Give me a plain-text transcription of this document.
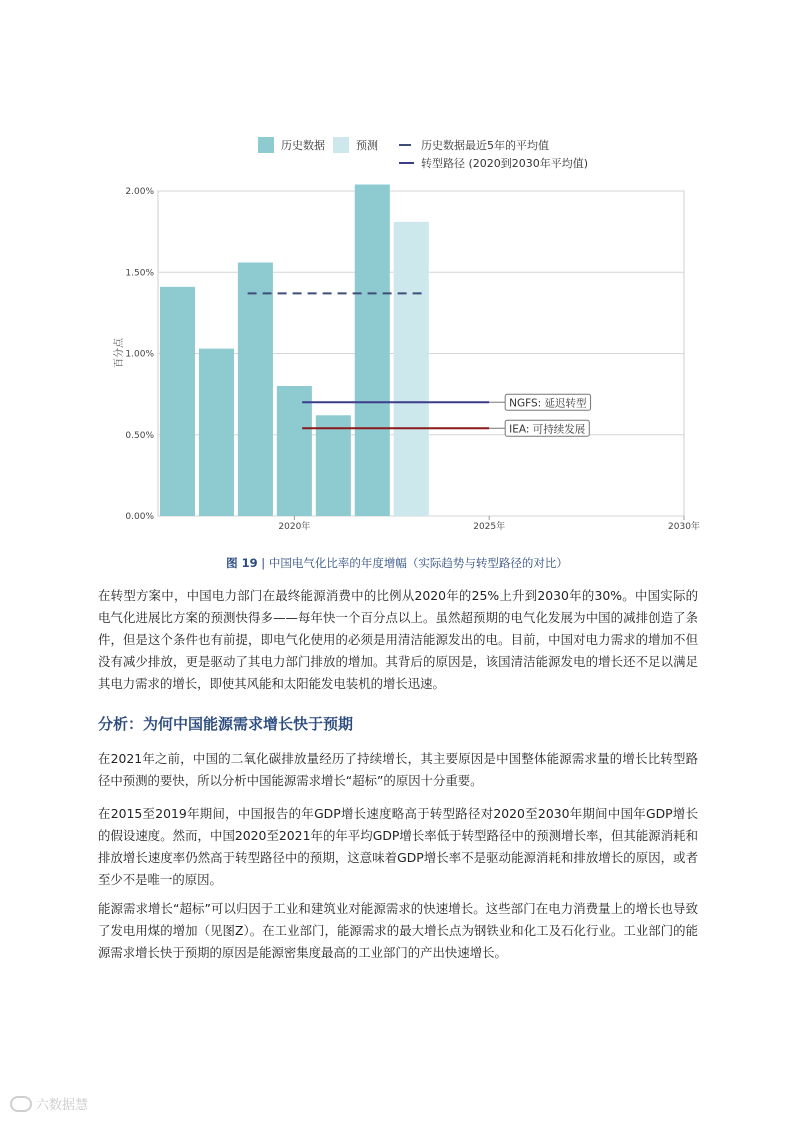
历史数据	预测	历史数据最近5年的平均值
转型路径 (2020到2030年平均值)
0.00%
0.50%
1.00%
1.50%
2.00%
2020年	2025年	2030年
百分点
NGFS: 延迟转型
IEA: 可持续发展
图 19 | 中国电气化比率的年度增幅（实际趋势与转型路径的对比）

在转型方案中，中国电力部门在最终能源消费中的比例从2020年的25%上升到2030年的30%。中国实际的电气化进展比方案的预测快得多——每年快一个百分点以上。虽然超预期的电气化发展为中国的减排创造了条件，但是这个条件也有前提，即电气化使用的必须是用清洁能源发出的电。目前，中国对电力需求的增加不但没有减少排放，更是驱动了其电力部门排放的增加。其背后的原因是，该国清洁能源发电的增长还不足以满足其电力需求的增长，即使其风能和太阳能发电装机的增长迅速。

分析：为何中国能源需求增长快于预期

在2021年之前，中国的二氧化碳排放量经历了持续增长，其主要原因是中国整体能源需求量的增长比转型路径中预测的要快，所以分析中国能源需求增长“超标”的原因十分重要。

在2015至2019年期间，中国报告的年GDP增长速度略高于转型路径对2020至2030年期间中国年GDP增长的假设速度。然而，中国2020至2021年的年平均GDP增长率低于转型路径中的预测增长率，但其能源消耗和排放增长速度率仍然高于转型路径中的预期，这意味着GDP增长率不是驱动能源消耗和排放增长的原因，或者至少不是唯一的原因。

能源需求增长“超标”可以归因于工业和建筑业对能源需求的快速增长。这些部门在电力消费量上的增长也导致了发电用煤的增加（见图Z）。在工业部门，能源需求的最大增长点为钢铁业和化工及石化行业。工业部门的能源需求增长快于预期的原因是能源密集度最高的工业部门的产出快速增长。

六数据慧
